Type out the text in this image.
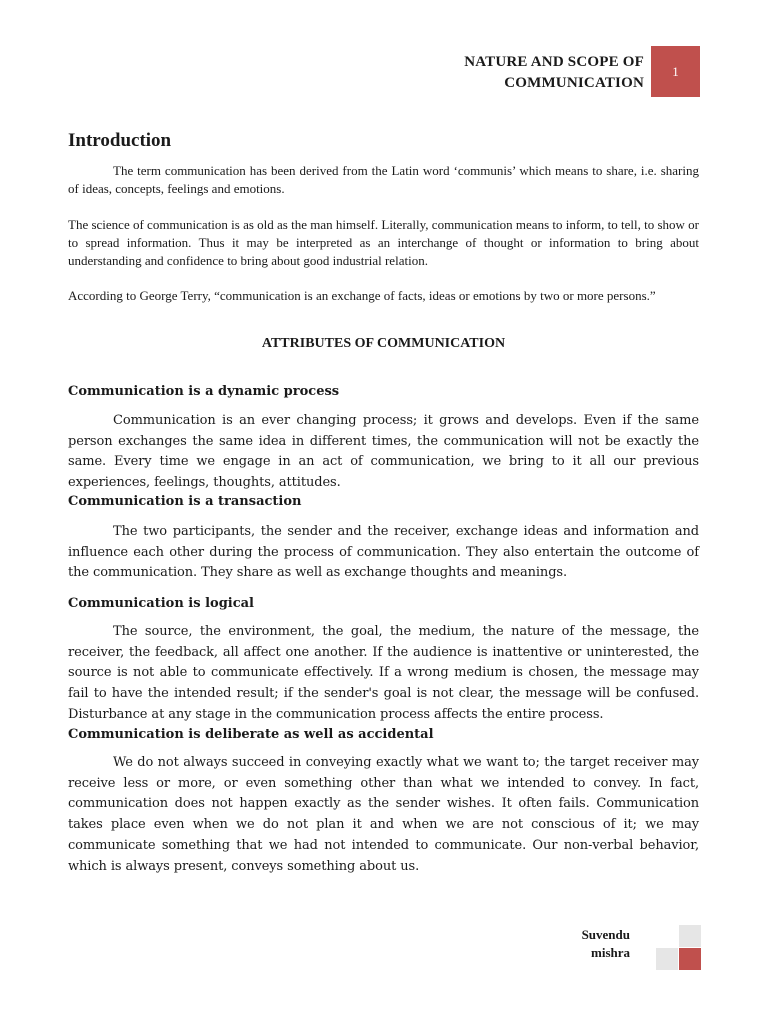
NATURE AND SCOPE OF
COMMUNICATION
1
Introduction

The term communication has been derived from the Latin word ‘communis’ which means to share, i.e. sharing of ideas, concepts, feelings and emotions.

The science of communication is as old as the man himself. Literally, communication means to inform, to tell, to show or to spread information. Thus it may be interpreted as an interchange of thought or information to bring about understanding and confidence to bring about good industrial relation.

According to George Terry, “communication is an exchange of facts, ideas or emotions by two or more persons.”

ATTRIBUTES OF COMMUNICATION
Communication is a dynamic process

Communication is an ever changing process; it grows and develops. Even if the same person exchanges the same idea in different times, the communication will not be exactly the same. Every time we engage in an act of communication, we bring to it all our previous experiences, feelings, thoughts, attitudes.

Communication is a transaction

The two participants, the sender and the receiver, exchange ideas and information and influence each other during the process of communication. They also entertain the outcome of the communication. They share as well as exchange thoughts and meanings.

Communication is logical

The source, the environment, the goal, the medium, the nature of the message, the receiver, the feedback, all affect one another. If the audience is inattentive or uninterested, the source is not able to communicate effectively. If a wrong medium is chosen, the message may fail to have the intended result; if the sender's goal is not clear, the message will be confused. Disturbance at any stage in the communication process affects the entire process.

Communication is deliberate as well as accidental

We do not always succeed in conveying exactly what we want to; the target receiver may receive less or more, or even something other than what we intended to convey. In fact, communication does not happen exactly as the sender wishes. It often fails. Communication takes place even when we do not plan it and when we are not conscious of it; we may communicate something that we had not intended to communicate. Our non-verbal behavior, which is always present, conveys something about us.

Suvendu
mishra
